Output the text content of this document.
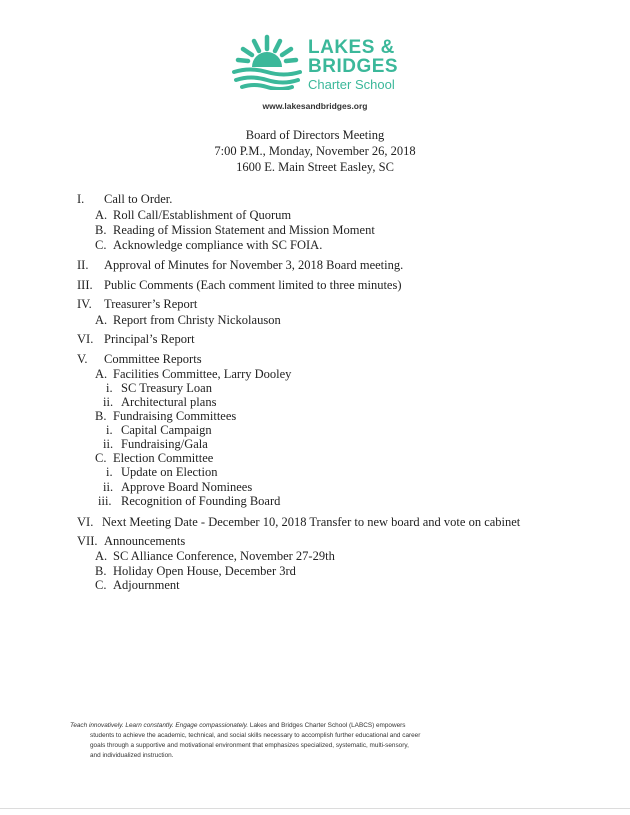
LAKES &
BRIDGES
Charter School
www.lakesandbridges.org
Board of Directors Meeting
7:00 P.M., Monday, November 26, 2018
1600 E. Main Street Easley, SC
I. Call to Order.
A. Roll Call/Establishment of Quorum
B. Reading of Mission Statement and Mission Moment
C. Acknowledge compliance with SC FOIA.
II. Approval of Minutes for November 3, 2018 Board meeting.
III. Public Comments (Each comment limited to three minutes)
IV. Treasurer’s Report
A. Report from Christy Nickolauson
VI. Principal’s Report
V. Committee Reports
A. Facilities Committee, Larry Dooley
i. SC Treasury Loan
ii. Architectural plans
B. Fundraising Committees
i. Capital Campaign
ii. Fundraising/Gala
C. Election Committee
i. Update on Election
ii. Approve Board Nominees
iii. Recognition of Founding Board
VI. Next Meeting Date - December 10, 2018 Transfer to new board and vote on cabinet
VII. Announcements
A. SC Alliance Conference, November 27-29th
B. Holiday Open House, December 3rd
C. Adjournment
Teach innovatively. Learn constantly. Engage compassionately. Lakes and Bridges Charter School (LABCS) empowers
students to achieve the academic, technical, and social skills necessary to accomplish further educational and career
goals through a supportive and motivational environment that emphasizes specialized, systematic, multi-sensory,
and individualized instruction.
